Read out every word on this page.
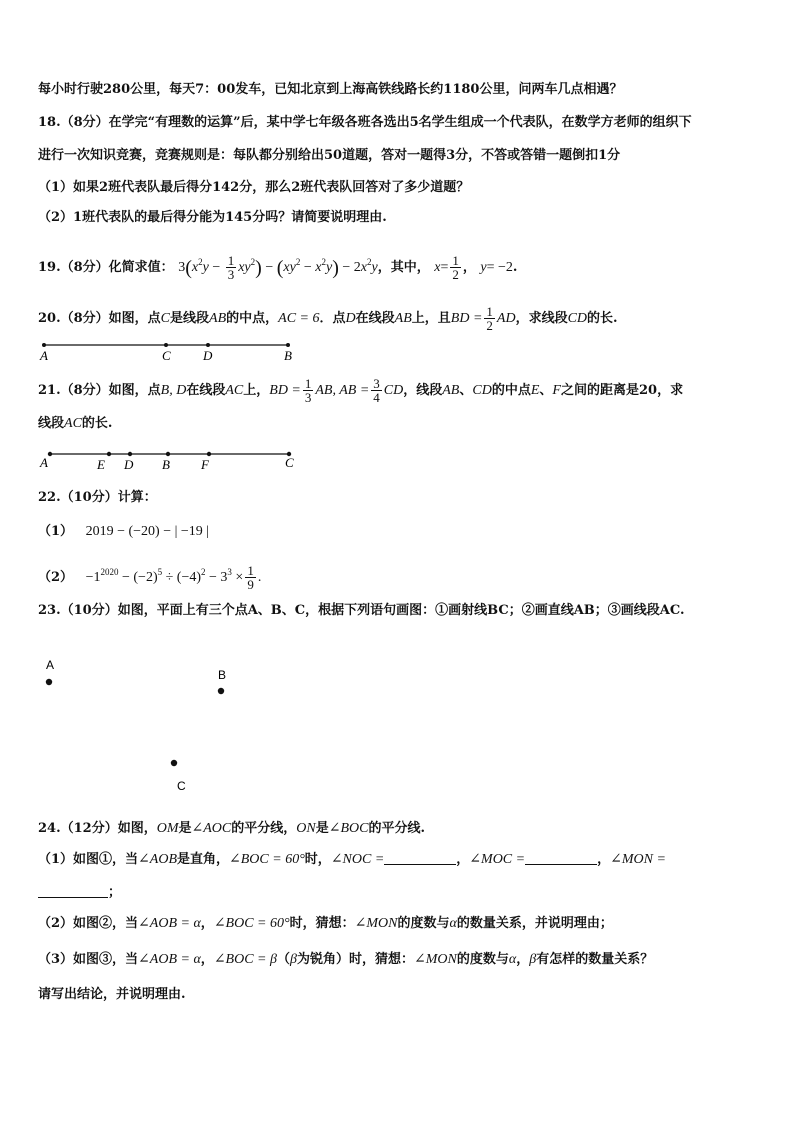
每小时行驶280公里，每天7：00发车，已知北京到上海高铁线路长约1180公里，问两车几点相遇？
18.（8分）在学完“有理数的运算”后，某中学七年级各班各选出5名学生组成一个代表队，在数学方老师的组织下
进行一次知识竞赛，竞赛规则是：每队都分别给出50道题，答对一题得3分，不答或答错一题倒扣1分
（1）如果2班代表队最后得分142分，那么2班代表队回答对了多少道题？
（2）1班代表队的最后得分能为145分吗？请简要说明理由.
19.（8分）化简求值： $3(x^2y - \frac{1}{3} xy^2) - (xy^2 - x^2y) - 2x^2y$，其中， $x= \frac{1}{2}$ ， y= −2.
20.（8分）如图，点C是线段AB的中点，AC = 6．点D在线段AB上，且BD = $\frac{1}{2}$ AD，求线段CD的长.
A	C D	B
A	E D B F	C
A
B
C
21.（8分）如图，点B, D在线段AC上，BD = $\frac{1}{3}$ AB, AB = $\frac{3}{4}$ CD，线段AB、CD的中点E、F之间的距离是20，求
线段AC的长.
22.（10分）计算：
（1） 2019 − (−20) − | −19 |
$(2) -1^{2020} - (-2)^5 \div (-4)^2 - 3^3 \times \frac{1}{9}$ .
23.（10分）如图，平面上有三个点A、B、C，根据下列语句画图：①画射线BC；②画直线AB；③画线段AC.
24.（12分）如图，OM是∠AOC的平分线，ON是∠BOC的平分线.
（1）如图①，当∠AOB是直角，∠BOC = 60°时，∠NOC =	，∠MOC =	，∠MON =
；
（2）如图②，当∠AOB = α，∠BOC = 60°时，猜想：∠MON的度数与α的数量关系，并说明理由；
（3）如图③，当∠AOB = α，∠BOC = β（β为锐角）时，猜想：∠MON的度数与α，β有怎样的数量关系？
请写出结论，并说明理由.
